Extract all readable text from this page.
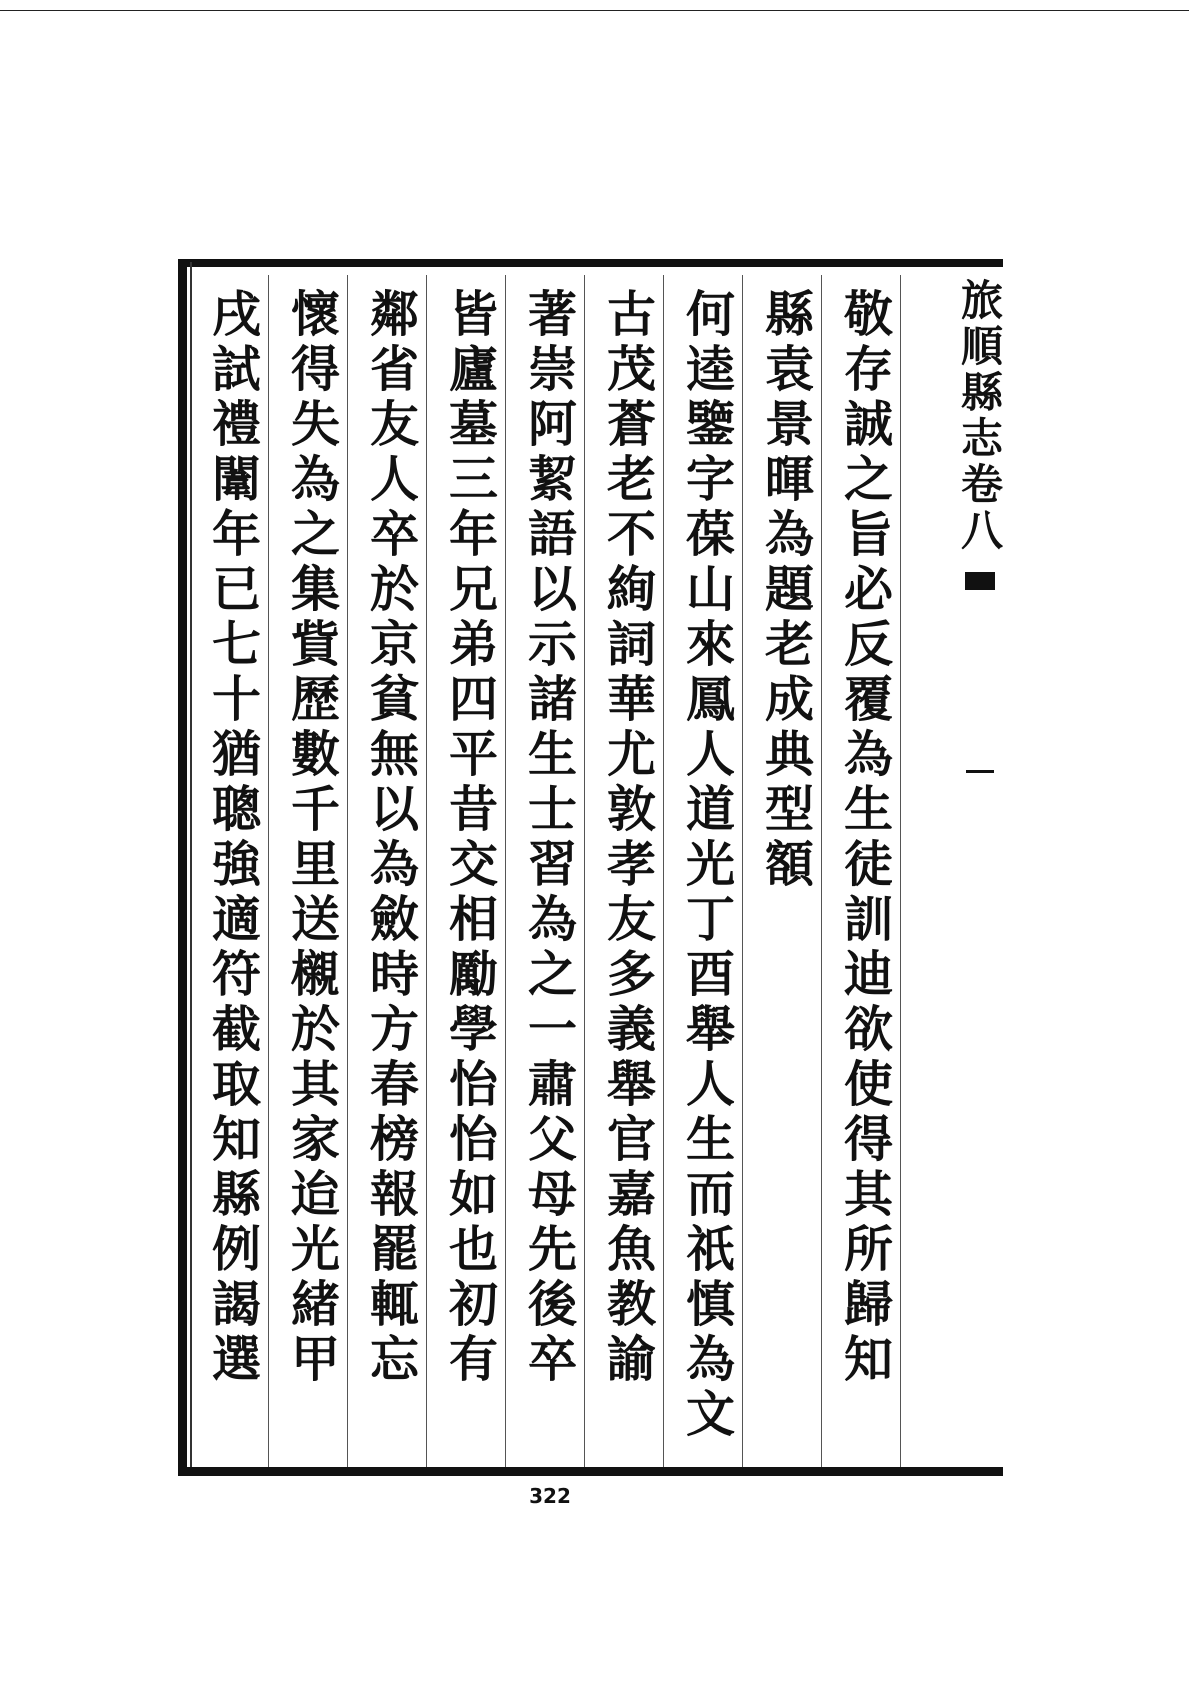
旅順縣志卷八
敬存誠之旨必反覆為生徒訓迪欲使得其所歸知
縣袁景暉為題老成典型額
何逵鑒字葆山來鳳人道光丁酉舉人生而祇慎為文
古茂蒼老不絢詞華尤敦孝友多義舉官嘉魚教諭
著崇阿絜語以示諸生士習為之一肅父母先後卒
皆廬墓三年兄弟四平昔交相勵學怡怡如也初有
鄰省友人卒於京貧無以為斂時方春榜報罷輒忘
懷得失為之集貲歷數千里送櫬於其家迨光緒甲
戌試禮闈年已七十猶聰強適符截取知縣例謁選
322
